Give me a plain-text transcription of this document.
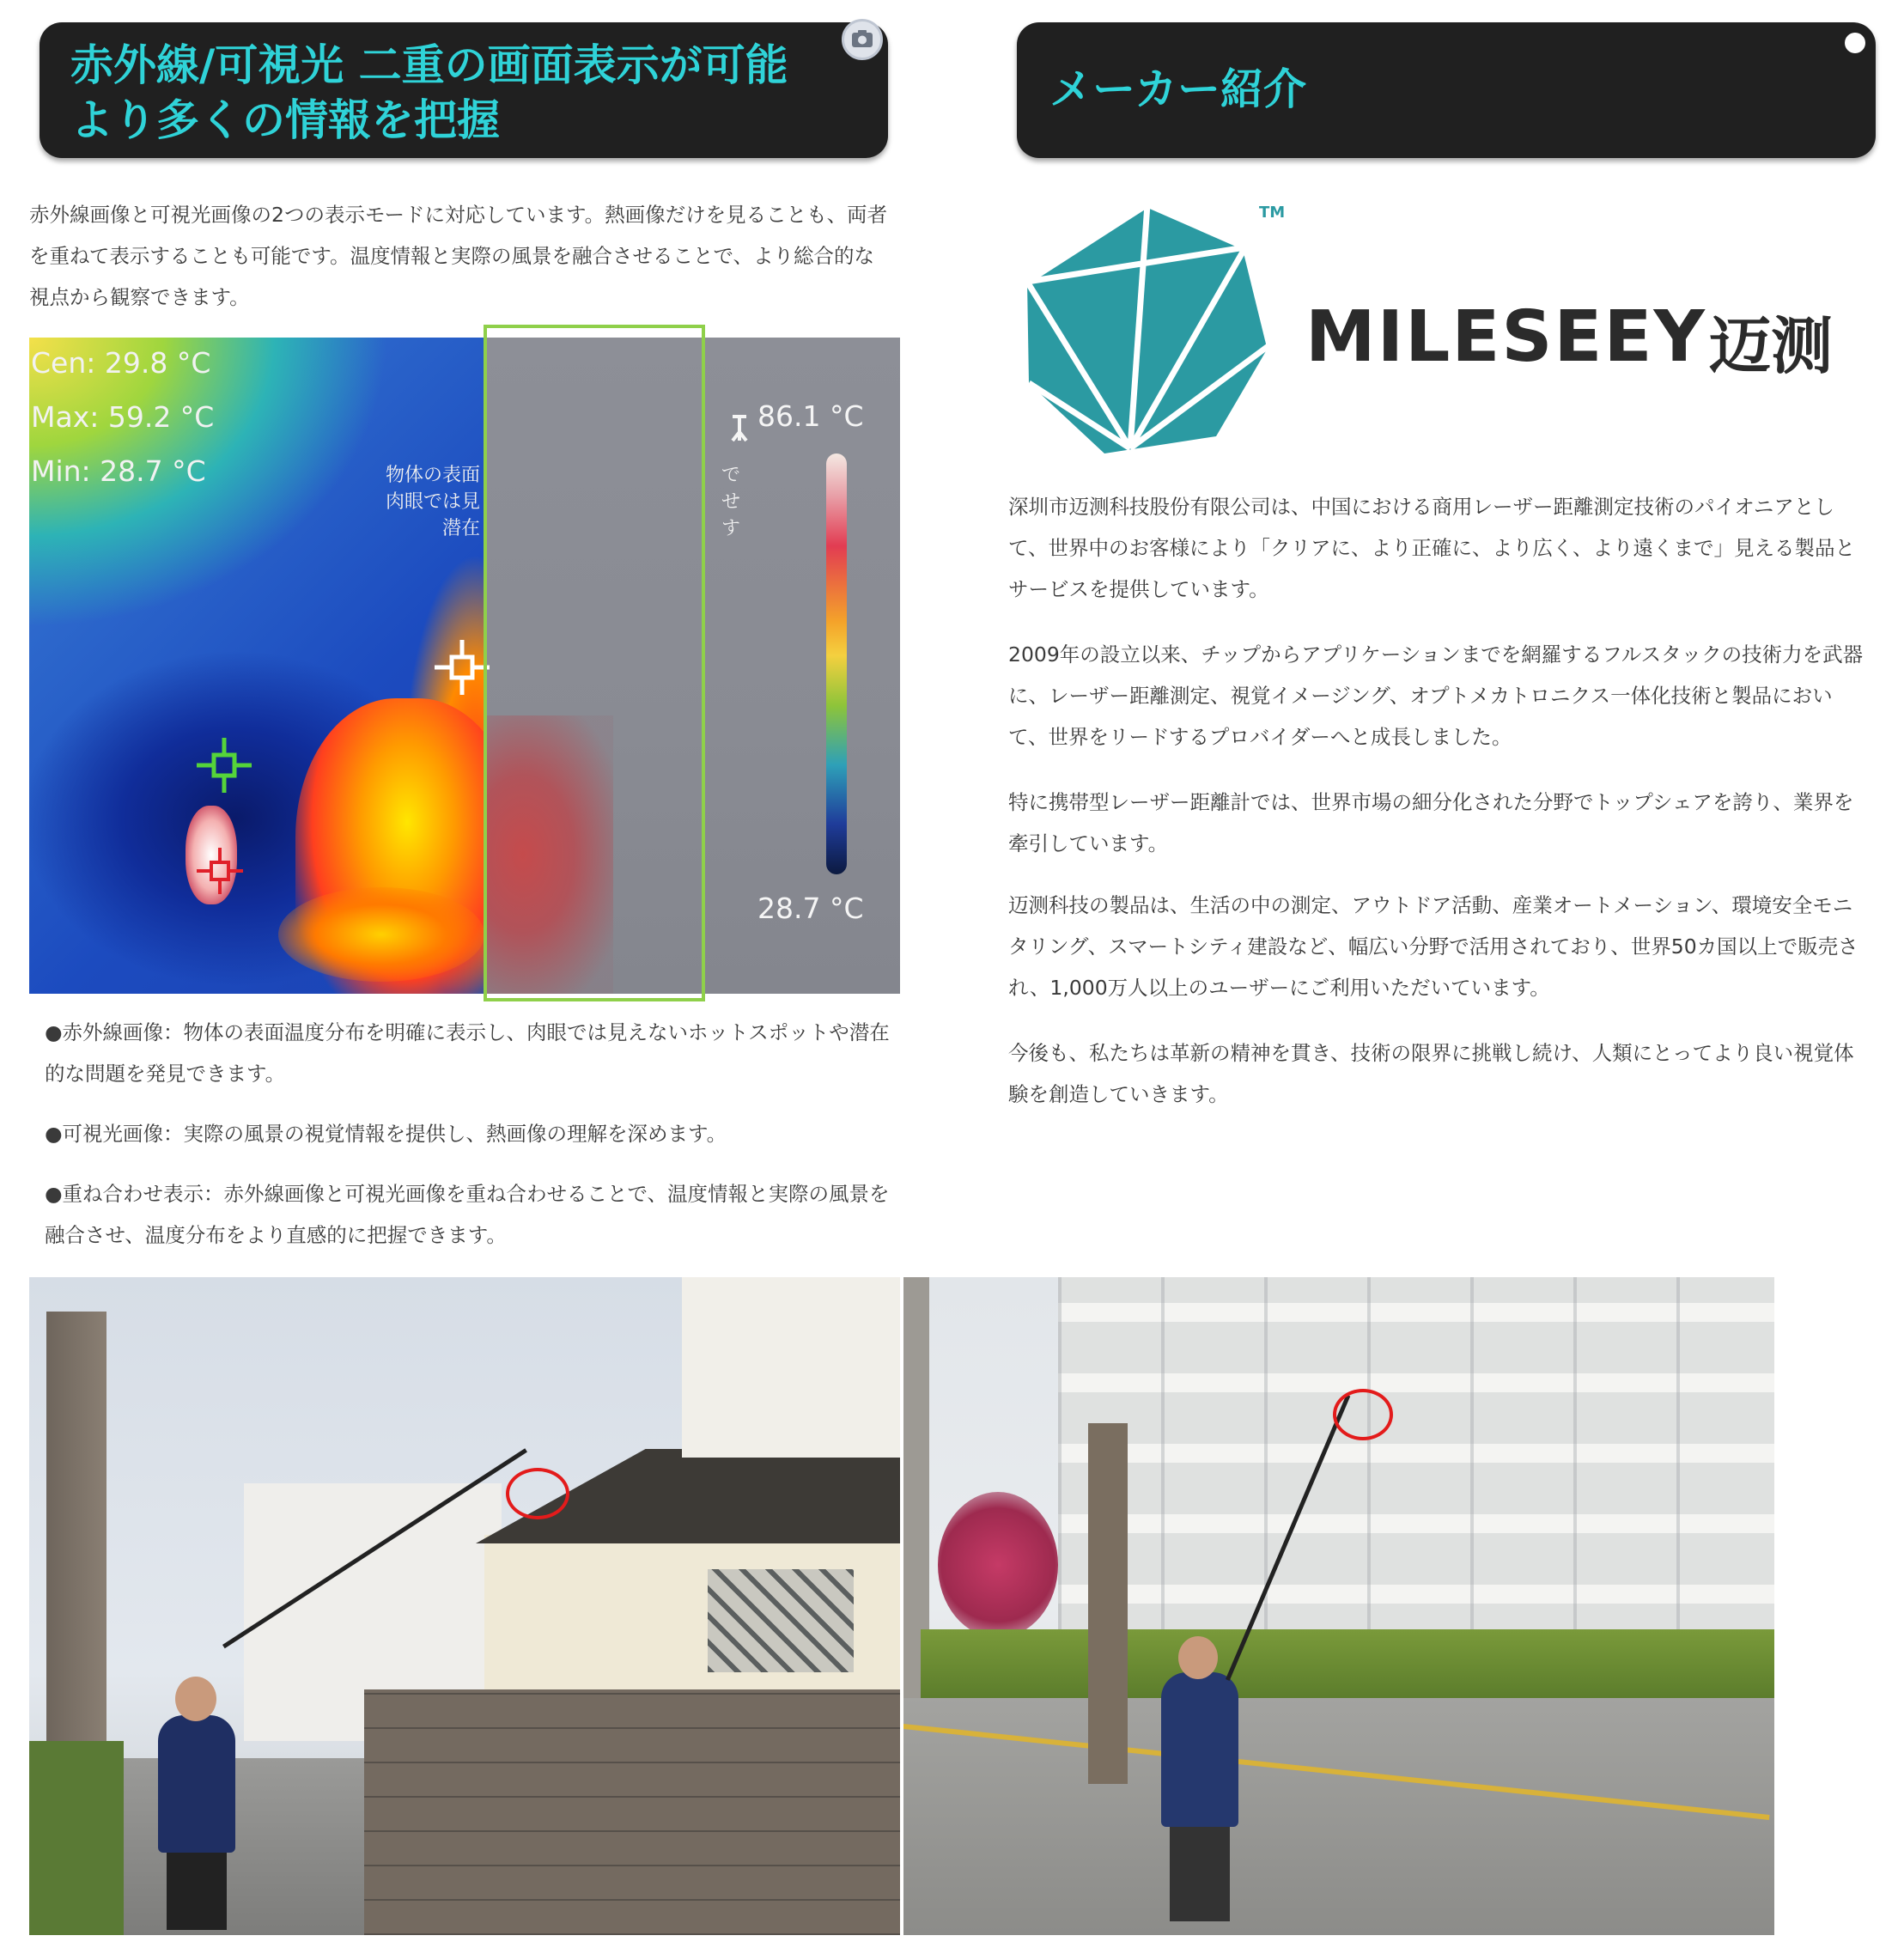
赤外線/可視光 二重の画面表示が可能
より多くの情報を把握
メーカー紹介
赤外線画像と可視光画像の2つの表示モードに対応しています。熱画像だけを見ることも、両者
を重ねて表示することも可能です。温度情報と実際の風景を融合させることで、より総合的な
視点から観察できます。
Cen: 29.8 °C
Max: 59.2 °C
Min: 28.7 °C	物体の表面
肉眼では見
潜在
で
せ
す
86.1 °C
28.7 °C
●赤外線画像：物体の表面温度分布を明確に表示し、肉眼では見えないホットスポットや潜在
的な問題を発見できます。
●可視光画像：実際の風景の視覚情報を提供し、熱画像の理解を深めます。
●重ね合わせ表示：赤外線画像と可視光画像を重ね合わせることで、温度情報と実際の風景を
融合させ、温度分布をより直感的に把握できます。
TM
MILESEEY 迈测
深圳市迈测科技股份有限公司は、中国における商用レーザー距離測定技術のパイオニアとし
て、世界中のお客様により「クリアに、より正確に、より広く、より遠くまで」見える製品と
サービスを提供しています。
2009年の設立以来、チップからアプリケーションまでを網羅するフルスタックの技術力を武器
に、レーザー距離測定、視覚イメージング、オプトメカトロニクス一体化技術と製品におい
て、世界をリードするプロバイダーへと成長しました。
特に携帯型レーザー距離計では、世界市場の細分化された分野でトップシェアを誇り、業界を
牽引しています。
迈测科技の製品は、生活の中の測定、アウトドア活動、産業オートメーション、環境安全モニ
タリング、スマートシティ建設など、幅広い分野で活用されており、世界50カ国以上で販売さ
れ、1,000万人以上のユーザーにご利用いただいています。
今後も、私たちは革新の精神を貫き、技術の限界に挑戦し続け、人類にとってより良い視覚体
験を創造していきます。
